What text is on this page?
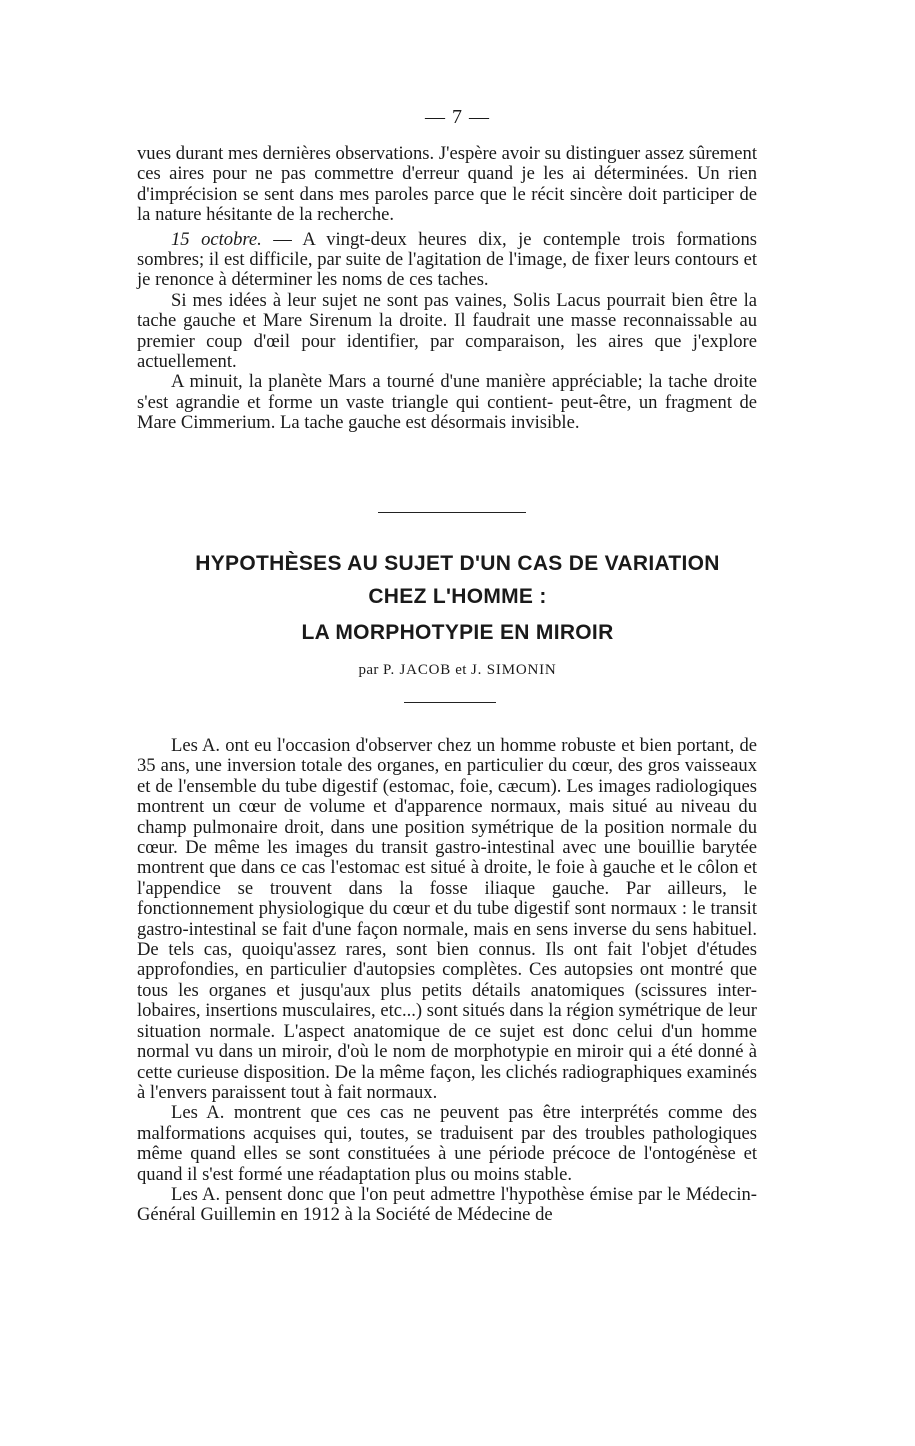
— 7 —

vues durant mes dernières observations. J'espère avoir su distinguer assez sûrement ces aires pour ne pas commettre d'erreur quand je les ai déterminées. Un rien d'imprécision se sent dans mes paroles parce que le récit sincère doit participer de la nature hésitante de la recherche.

15 octobre. — A vingt-deux heures dix, je contemple trois formations sombres; il est difficile, par suite de l'agitation de l'image, de fixer leurs contours et je renonce à déterminer les noms de ces taches.

Si mes idées à leur sujet ne sont pas vaines, Solis Lacus pourrait bien être la tache gauche et Mare Sirenum la droite. Il faudrait une masse reconnaissable au premier coup d'œil pour identifier, par comparaison, les aires que j'explore actuellement.

A minuit, la planète Mars a tourné d'une manière appréciable; la tache droite s'est agrandie et forme un vaste triangle qui contient- peut-être, un fragment de Mare Cimmerium. La tache gauche est désormais invisible.

HYPOTHÈSES AU SUJET D'UN CAS DE VARIATION
CHEZ L'HOMME :
LA MORPHOTYPIE EN MIROIR
par P. JACOB et J. SIMONIN

Les A. ont eu l'occasion d'observer chez un homme robuste et bien portant, de 35 ans, une inversion totale des organes, en particulier du cœur, des gros vaisseaux et de l'ensemble du tube digestif (estomac, foie, cæcum). Les images radiologiques montrent un cœur de volume et d'apparence normaux, mais situé au niveau du champ pulmonaire droit, dans une position symétrique de la position normale du cœur. De même les images du transit gastro-intestinal avec une bouillie barytée montrent que dans ce cas l'estomac est situé à droite, le foie à gauche et le côlon et l'appendice se trouvent dans la fosse iliaque gauche. Par ailleurs, le fonctionnement physiologique du cœur et du tube digestif sont normaux : le transit gastro-intestinal se fait d'une façon normale, mais en sens inverse du sens habituel. De tels cas, quoiqu'assez rares, sont bien connus. Ils ont fait l'objet d'études approfondies, en particulier d'autopsies complètes. Ces autopsies ont montré que tous les organes et jusqu'aux plus petits détails anatomiques (scissures inter-lobaires, insertions musculaires, etc...) sont situés dans la région symétrique de leur situation normale. L'aspect anatomique de ce sujet est donc celui d'un homme normal vu dans un miroir, d'où le nom de morphotypie en miroir qui a été donné à cette curieuse disposition. De la même façon, les clichés radiographiques examinés à l'envers paraissent tout à fait normaux.

Les A. montrent que ces cas ne peuvent pas être interprétés comme des malformations acquises qui, toutes, se traduisent par des troubles pathologiques même quand elles se sont constituées à une période précoce de l'ontogénèse et quand il s'est formé une réadaptation plus ou moins stable.

Les A. pensent donc que l'on peut admettre l'hypothèse émise par le Médecin-Général Guillemin en 1912 à la Société de Médecine de
